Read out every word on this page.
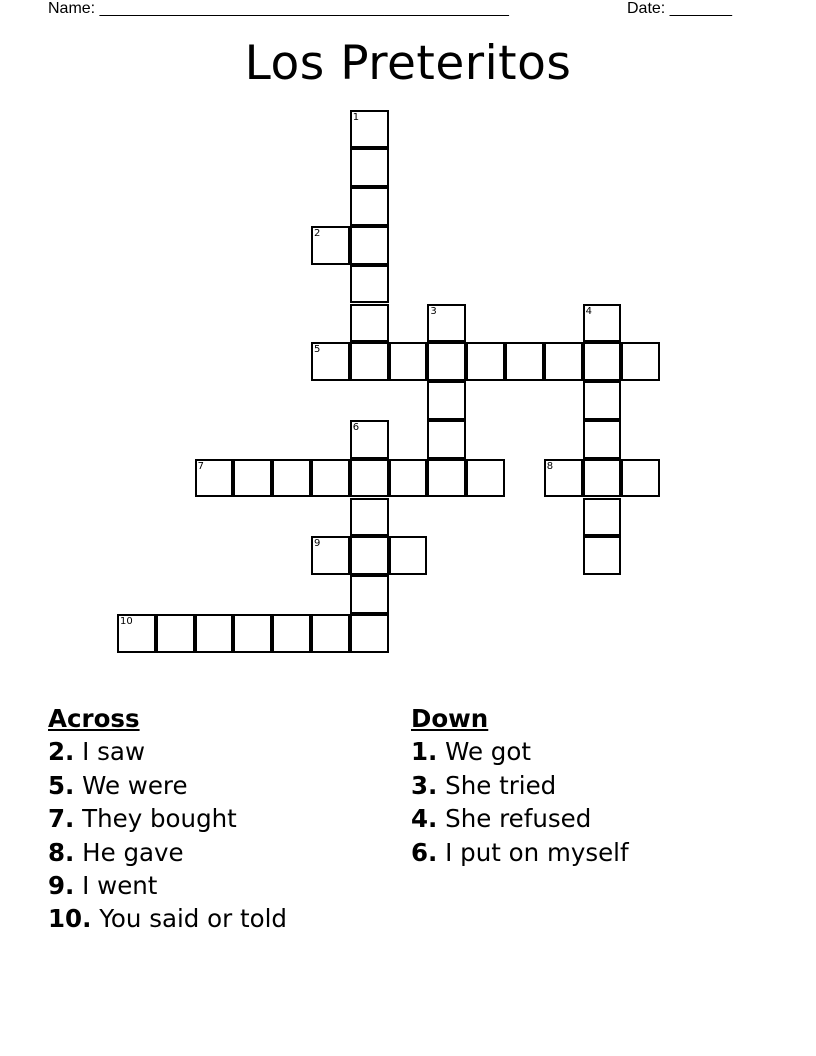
Name: ______________________________________________	Date: _______
Los Preteritos
1
2
3	4
5
6
7	8
9
10
Across
2. I saw
5. We were
7. They bought
8. He gave
9. I went
10. You said or told
Down
1. We got
3. She tried
4. She refused
6. I put on myself
